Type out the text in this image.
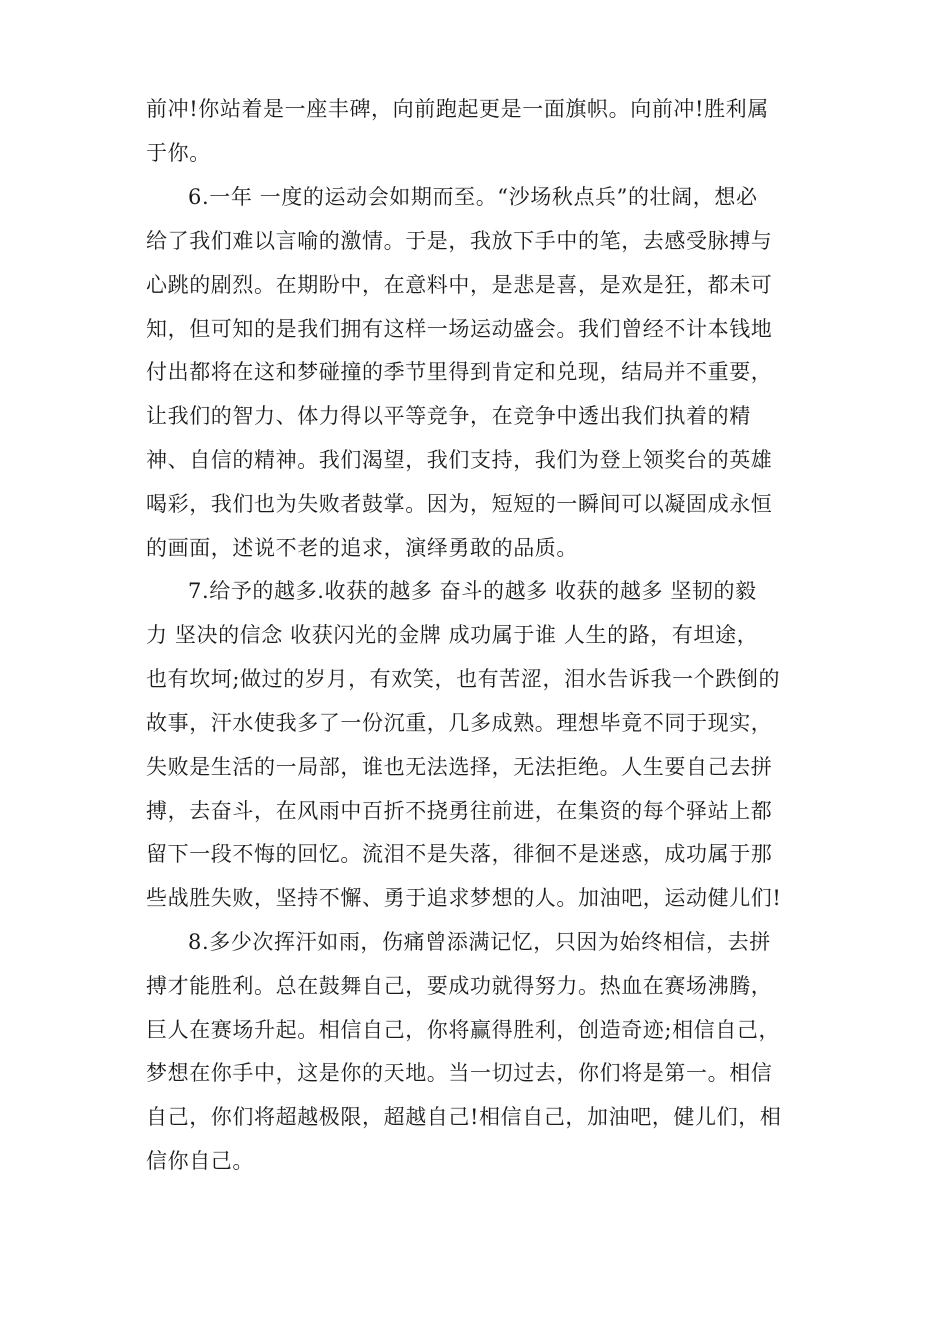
前冲!你站着是一座丰碑，向前跑起更是一面旗帜。向前冲!胜利属
于你。
6.一年 一度的运动会如期而至。“沙场秋点兵”的壮阔，想必
给了我们难以言喻的激情。于是，我放下手中的笔，去感受脉搏与
心跳的剧烈。在期盼中，在意料中，是悲是喜，是欢是狂，都未可
知，但可知的是我们拥有这样一场运动盛会。我们曾经不计本钱地
付出都将在这和梦碰撞的季节里得到肯定和兑现，结局并不重要，
让我们的智力、体力得以平等竞争，在竞争中透出我们执着的精
神、自信的精神。我们渴望，我们支持，我们为登上领奖台的英雄
喝彩，我们也为失败者鼓掌。因为，短短的一瞬间可以凝固成永恒
的画面，述说不老的追求，演绎勇敢的品质。
7.给予的越多.收获的越多 奋斗的越多 收获的越多 坚韧的毅
力 坚决的信念 收获闪光的金牌 成功属于谁 人生的路，有坦途，
也有坎坷;做过的岁月，有欢笑，也有苦涩，泪水告诉我一个跌倒的
故事，汗水使我多了一份沉重，几多成熟。理想毕竟不同于现实，
失败是生活的一局部，谁也无法选择，无法拒绝。人生要自己去拼
搏，去奋斗，在风雨中百折不挠勇往前进，在集资的每个驿站上都
留下一段不悔的回忆。流泪不是失落，徘徊不是迷惑，成功属于那
些战胜失败，坚持不懈、勇于追求梦想的人。加油吧，运动健儿们!
8.多少次挥汗如雨，伤痛曾添满记忆，只因为始终相信，去拼
搏才能胜利。总在鼓舞自己，要成功就得努力。热血在赛场沸腾，
巨人在赛场升起。相信自己，你将赢得胜利，创造奇迹;相信自己，
梦想在你手中，这是你的天地。当一切过去，你们将是第一。相信
自己，你们将超越极限，超越自己!相信自己，加油吧，健儿们，相
信你自己。
